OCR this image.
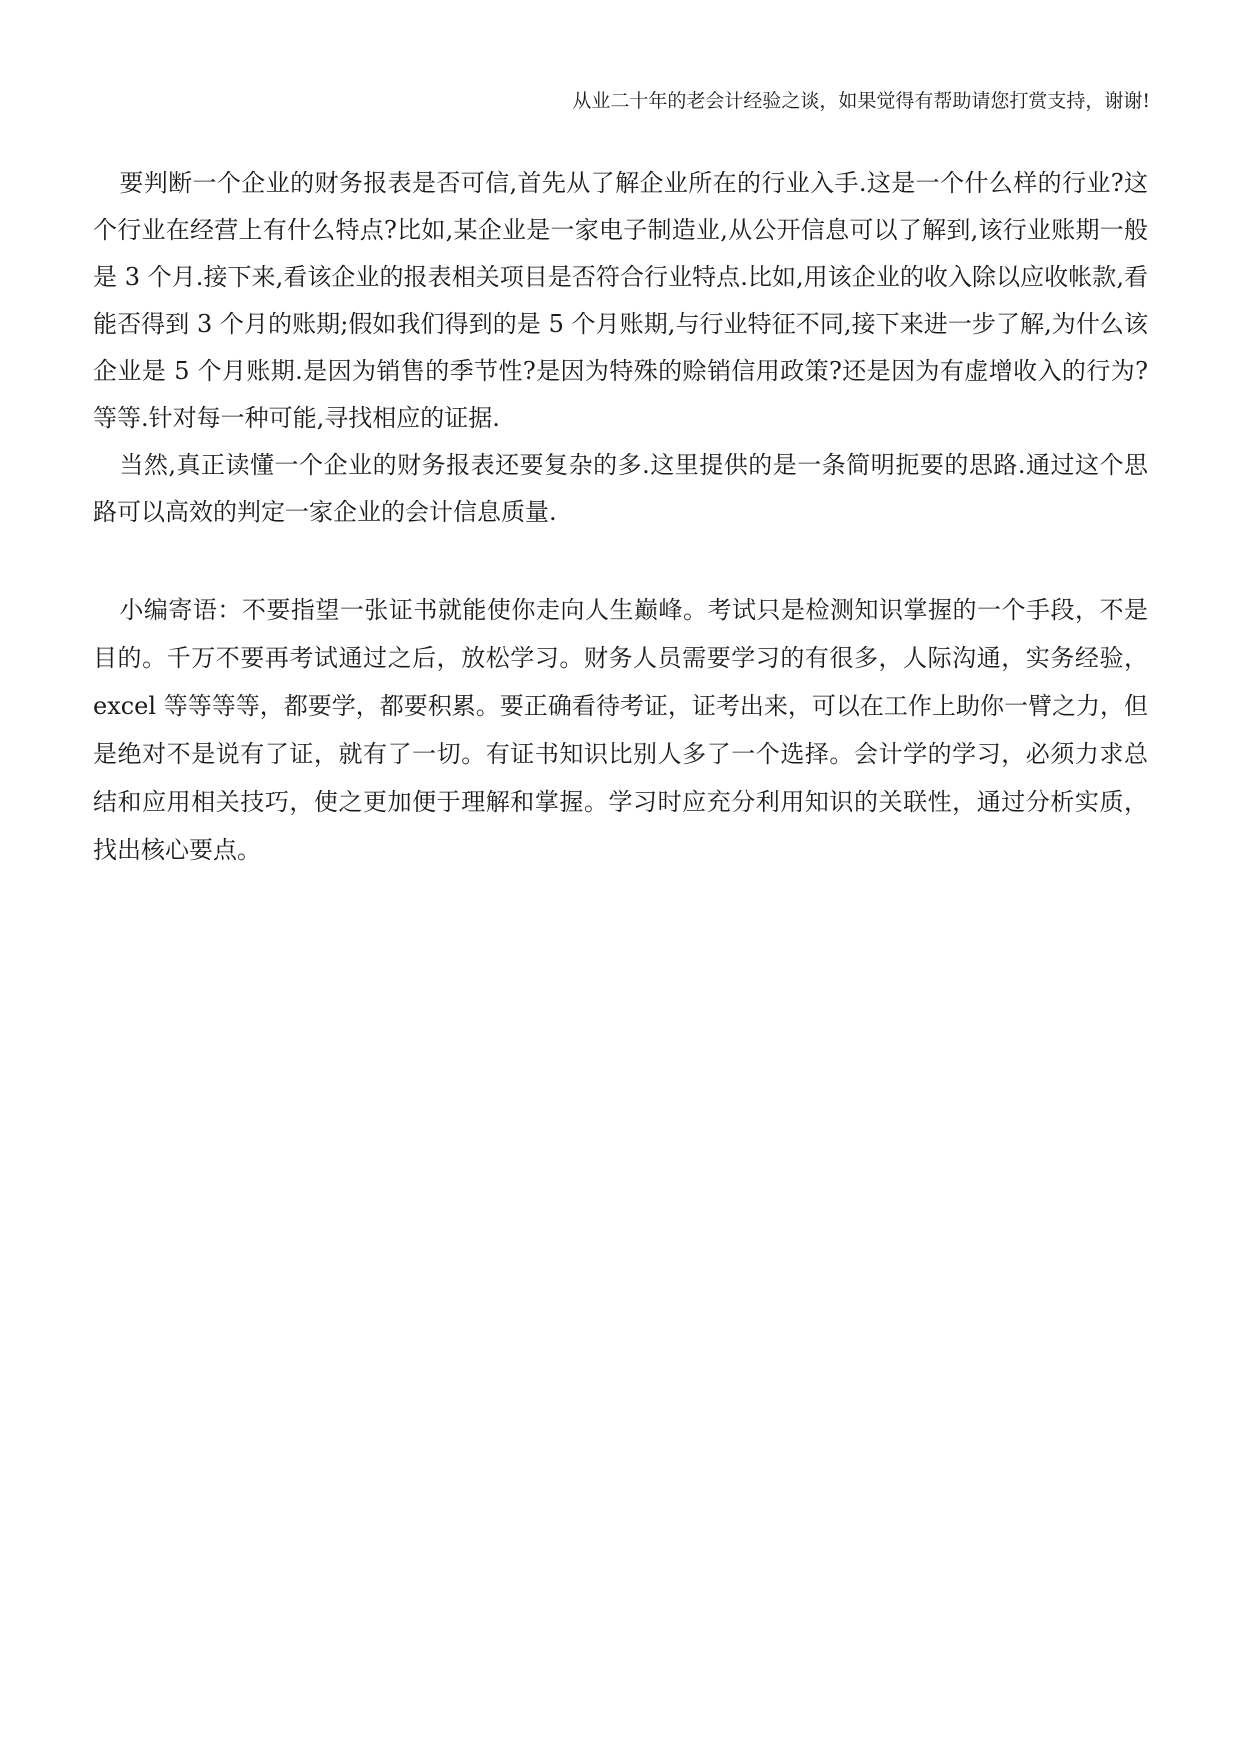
从业二十年的老会计经验之谈，如果觉得有帮助请您打赏支持，谢谢!

要判断一个企业的财务报表是否可信,首先从了解企业所在的行业入手.这是一个什么样的行业?这个行业在经营上有什么特点?比如,某企业是一家电子制造业,从公开信息可以了解到,该行业账期一般是 3 个月.接下来,看该企业的报表相关项目是否符合行业特点.比如,用该企业的收入除以应收帐款,看能否得到 3 个月的账期;假如我们得到的是 5 个月账期,与行业特征不同,接下来进一步了解,为什么该企业是 5 个月账期.是因为销售的季节性?是因为特殊的赊销信用政策?还是因为有虚增收入的行为?等等.针对每一种可能,寻找相应的证据.

当然,真正读懂一个企业的财务报表还要复杂的多.这里提供的是一条简明扼要的思路.通过这个思路可以高效的判定一家企业的会计信息质量.

小编寄语：不要指望一张证书就能使你走向人生巅峰。考试只是检测知识掌握的一个手段，不是目的。千万不要再考试通过之后，放松学习。财务人员需要学习的有很多，人际沟通，实务经验，excel 等等等等，都要学，都要积累。要正确看待考证，证考出来，可以在工作上助你一臂之力，但是绝对不是说有了证，就有了一切。有证书知识比别人多了一个选择。会计学的学习，必须力求总结和应用相关技巧，使之更加便于理解和掌握。学习时应充分利用知识的关联性，通过分析实质，找出核心要点。
